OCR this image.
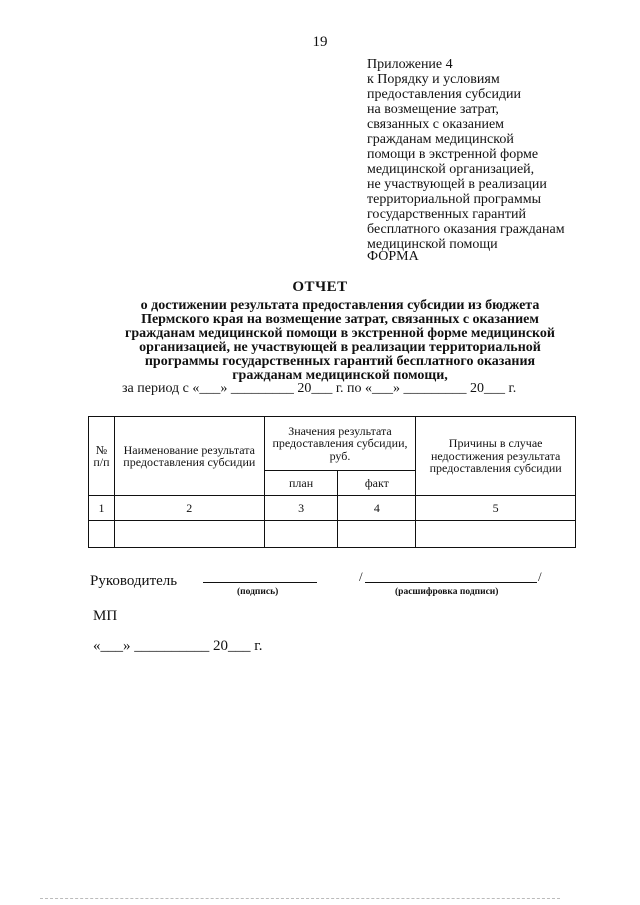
19
Приложение 4
к Порядку и условиям
предоставления субсидии
на возмещение затрат,
связанных с оказанием
гражданам медицинской
помощи в экстренной форме
медицинской организацией,
не участвующей в реализации
территориальной программы
государственных гарантий
бесплатного оказания гражданам
медицинской помощи
ФОРМА
ОТЧЕТ
о достижении результата предоставления субсидии из бюджета
Пермского края на возмещение затрат, связанных с оказанием
гражданам медицинской помощи в экстренной форме медицинской
организацией, не участвующей в реализации территориальной
программы государственных гарантий бесплатного оказания
гражданам медицинской помощи,
за период с «___» _________ 20___ г. по «___» _________ 20___ г.
№ п/п	Наименование результата предоставления субсидии	Значения результата предоставления субсидии, руб.		Причины в случае недостижения результата предоставления субсидии
		план	факт	
1	2	3	4	5

Руководитель
(подпись)
/	/
(расшифровка подписи)
МП
«___» __________ 20___ г.
